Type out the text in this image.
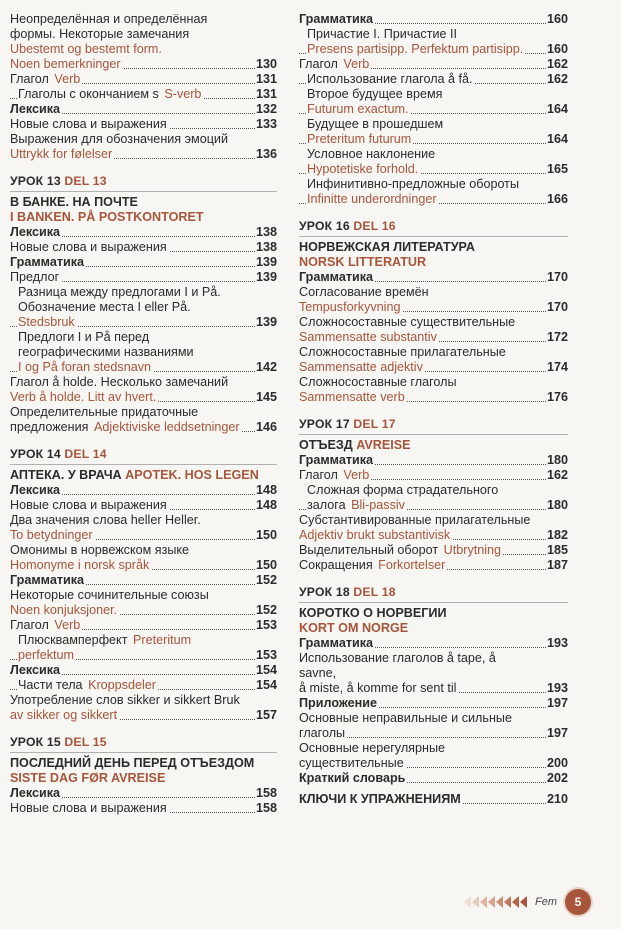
Неопределённая и определённая
формы. Некоторые замечания
Ubestemt og bestemt form.
Noen bemerkninger	130
Глагол Verb	131
Глаголы с окончанием s S-verb	131
Лексика	132
Новые слова и выражения	133
Выражения для обозначения эмоций
Uttrykk for følelser	136
УРОК 13 DEL 13
В БАНКЕ. НА ПОЧТЕ
I BANKEN. PÅ POSTKONTORET
Лексика	138
Новые слова и выражения	138
Грамматика	139
Предлог	139
Разница между предлогами I и På.
Обозначение места I eller På.
Stedsbruk	139
Предлоги I и På перед
географическими названиями
I og På foran stedsnavn	142
Глагол å holde. Несколько замечаний
Verb å holde. Litt av hvert.	145
Определительные придаточные
предложения Adjektiviske leddsetninger	146
УРОК 14 DEL 14
АПТЕКА. У ВРАЧА APOTEK. HOS LEGEN
Лексика	148
Новые слова и выражения	148
Два значения слова heller Heller.
To betydninger	150
Омонимы в норвежском языке
Homonyme i norsk språk	150
Грамматика	152
Некоторые сочинительные союзы
Noen konjuksjoner.	152
Глагол Verb	153
Плюсквамперфект Preteritum perfektum	153
Лексика	154
Части тела Kroppsdeler	154
Употребление слов sikker и sikkert Bruk
av sikker og sikkert	157
УРОК 15 DEL 15
ПОСЛЕДНИЙ ДЕНЬ ПЕРЕД ОТЪЕЗДОМ
SISTE DAG FØR AVREISE
Лексика	158
Новые слова и выражения	158
Грамматика	160
Причастие I. Причастие II
Presens partisipp. Perfektum partisipp.	160
Глагол Verb	162
Использование глагола å få.	162
Второе будущее время
Futurum exactum.	164
Будущее в прошедшем
Preteritum futurum	164
Условное наклонение
Hypotetiske forhold.	165
Инфинитивно-предложные обороты
Infinitte underordninger	166
УРОК 16 DEL 16
НОРВЕЖСКАЯ ЛИТЕРАТУРА
NORSK LITTERATUR
Грамматика	170
Согласование времён
Tempusforkyvning	170
Сложносоставные существительные
Sammensatte substantiv	172
Сложносоставные прилагательные
Sammensatte adjektiv	174
Сложносоставные глаголы
Sammensatte verb	176
УРОК 17 DEL 17
ОТЪЕЗД AVREISE
Грамматика	180
Глагол Verb	162
Сложная форма страдательного
залога Bli-passiv	180
Субстантивированные прилагательные
Adjektiv brukt substantivisk	182
Выделительный оборот Utbrytning	185
Сокращения Forkortelser	187
УРОК 18 DEL 18
КОРОТКО О НОРВЕГИИ
KORT OM NORGE
Грамматика	193
Использование глаголов å tape, å savne,
å miste, å komme for sent til	193
Приложение	197
Основные неправильные и сильные
глаголы	197
Основные нерегулярные
существительные	200
Краткий словарь	202
КЛЮЧИ К УПРАЖНЕНИЯМ	210
Fem	5
